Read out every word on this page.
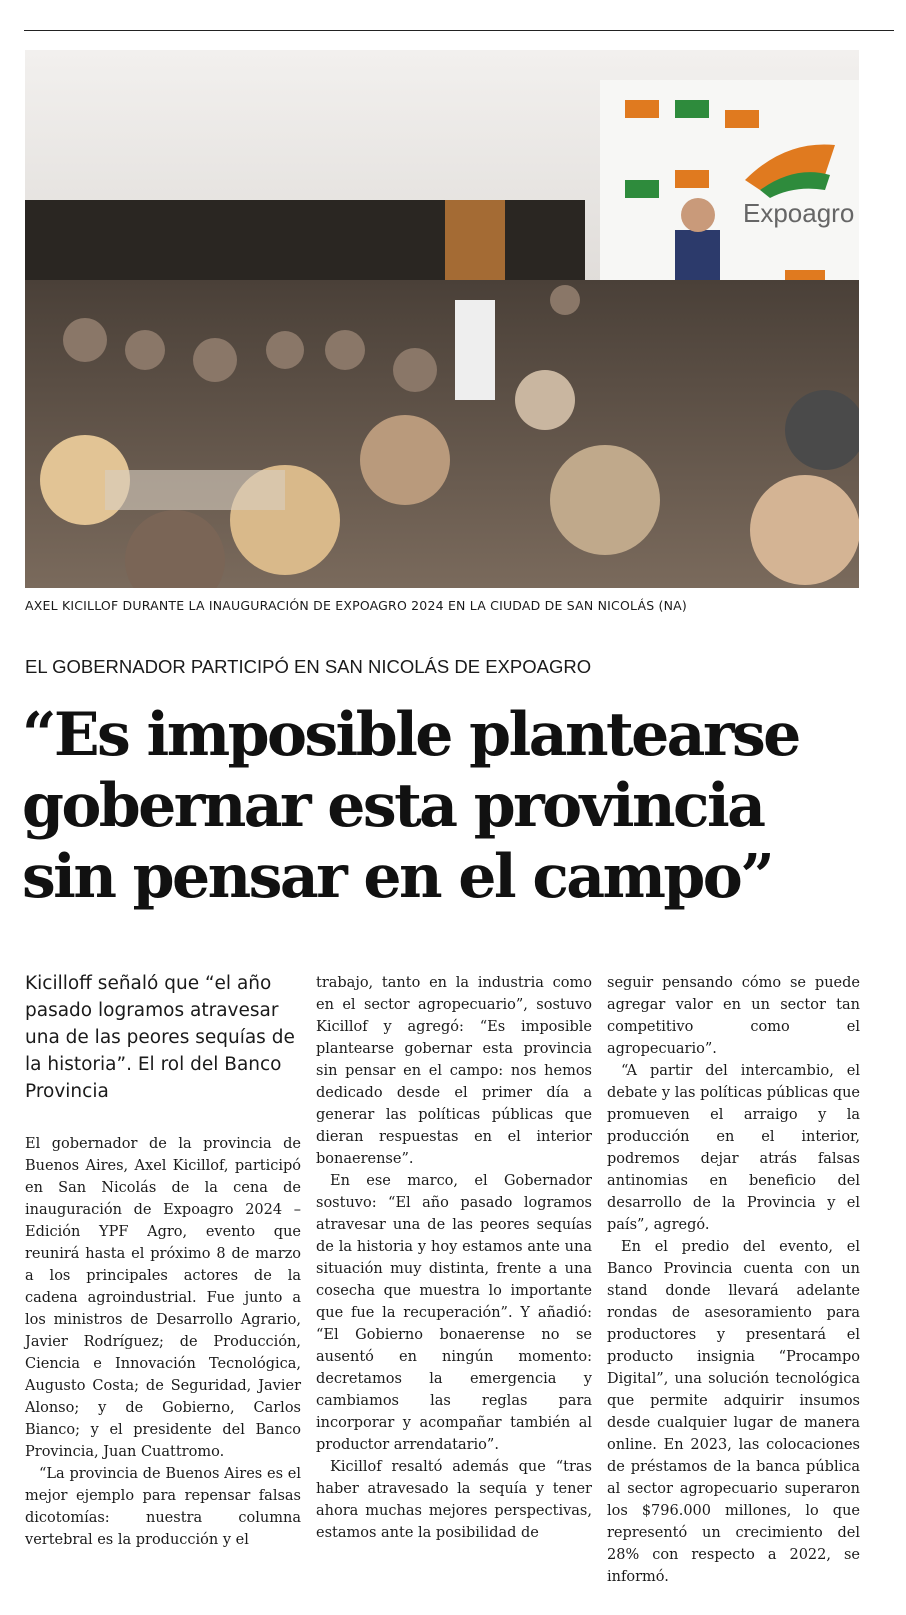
Expoagro
AXEL KICILLOF DURANTE LA INAUGURACIÓN DE EXPOAGRO 2024 EN LA CIUDAD DE SAN NICOLÁS (NA)
EL GOBERNADOR PARTICIPÓ EN SAN NICOLÁS DE EXPOAGRO
“Es imposible plantearse
gobernar esta provincia
sin pensar en el campo”
Kicilloff señaló que “el año pasado logramos atravesar una de las peores sequías de la historia”. El rol del Banco Provincia

El gobernador de la provincia de Buenos Aires, Axel Kicillof, participó en San Nicolás de la cena de inauguración de Expoagro 2024 – Edición YPF Agro, evento que reunirá hasta el próximo 8 de marzo a los principales actores de la cadena agroindustrial. Fue junto a los ministros de Desarrollo Agrario, Javier Rodríguez; de Producción, Ciencia e Innovación Tecnológica, Augusto Costa; de Seguridad, Javier Alonso; y de Gobierno, Carlos Bianco; y el presidente del Banco Provincia, Juan Cuattromo.

“La provincia de Buenos Aires es el mejor ejemplo para repensar falsas dicotomías: nuestra columna vertebral es la producción y el

trabajo, tanto en la industria como en el sector agropecuario”, sostuvo Kicillof y agregó: “Es imposible plantearse gobernar esta provincia sin pensar en el campo: nos hemos dedicado desde el primer día a generar las políticas públicas que dieran respuestas en el interior bonaerense”.

En ese marco, el Gobernador sostuvo: “El año pasado logramos atravesar una de las peores sequías de la historia y hoy estamos ante una situación muy distinta, frente a una cosecha que muestra lo importante que fue la recuperación”. Y añadió: “El Gobierno bonaerense no se ausentó en ningún momento: decretamos la emergencia y cambiamos las reglas para incorporar y acompañar también al productor arrendatario”.

Kicillof resaltó además que “tras haber atravesado la sequía y tener ahora muchas mejores perspectivas, estamos ante la posibilidad de

seguir pensando cómo se puede agregar valor en un sector tan competitivo como el agropecuario”.

“A partir del intercambio, el debate y las políticas públicas que promueven el arraigo y la producción en el interior, podremos dejar atrás falsas antinomias en beneficio del desarrollo de la Provincia y el país”, agregó.

En el predio del evento, el Banco Provincia cuenta con un stand donde llevará adelante rondas de asesoramiento para productores y presentará el producto insignia “Procampo Digital”, una solución tecnológica que permite adquirir insumos desde cualquier lugar de manera online. En 2023, las colocaciones de préstamos de la banca pública al sector agropecuario superaron los $796.000 millones, lo que representó un crecimiento del 28% con respecto a 2022, se informó.
